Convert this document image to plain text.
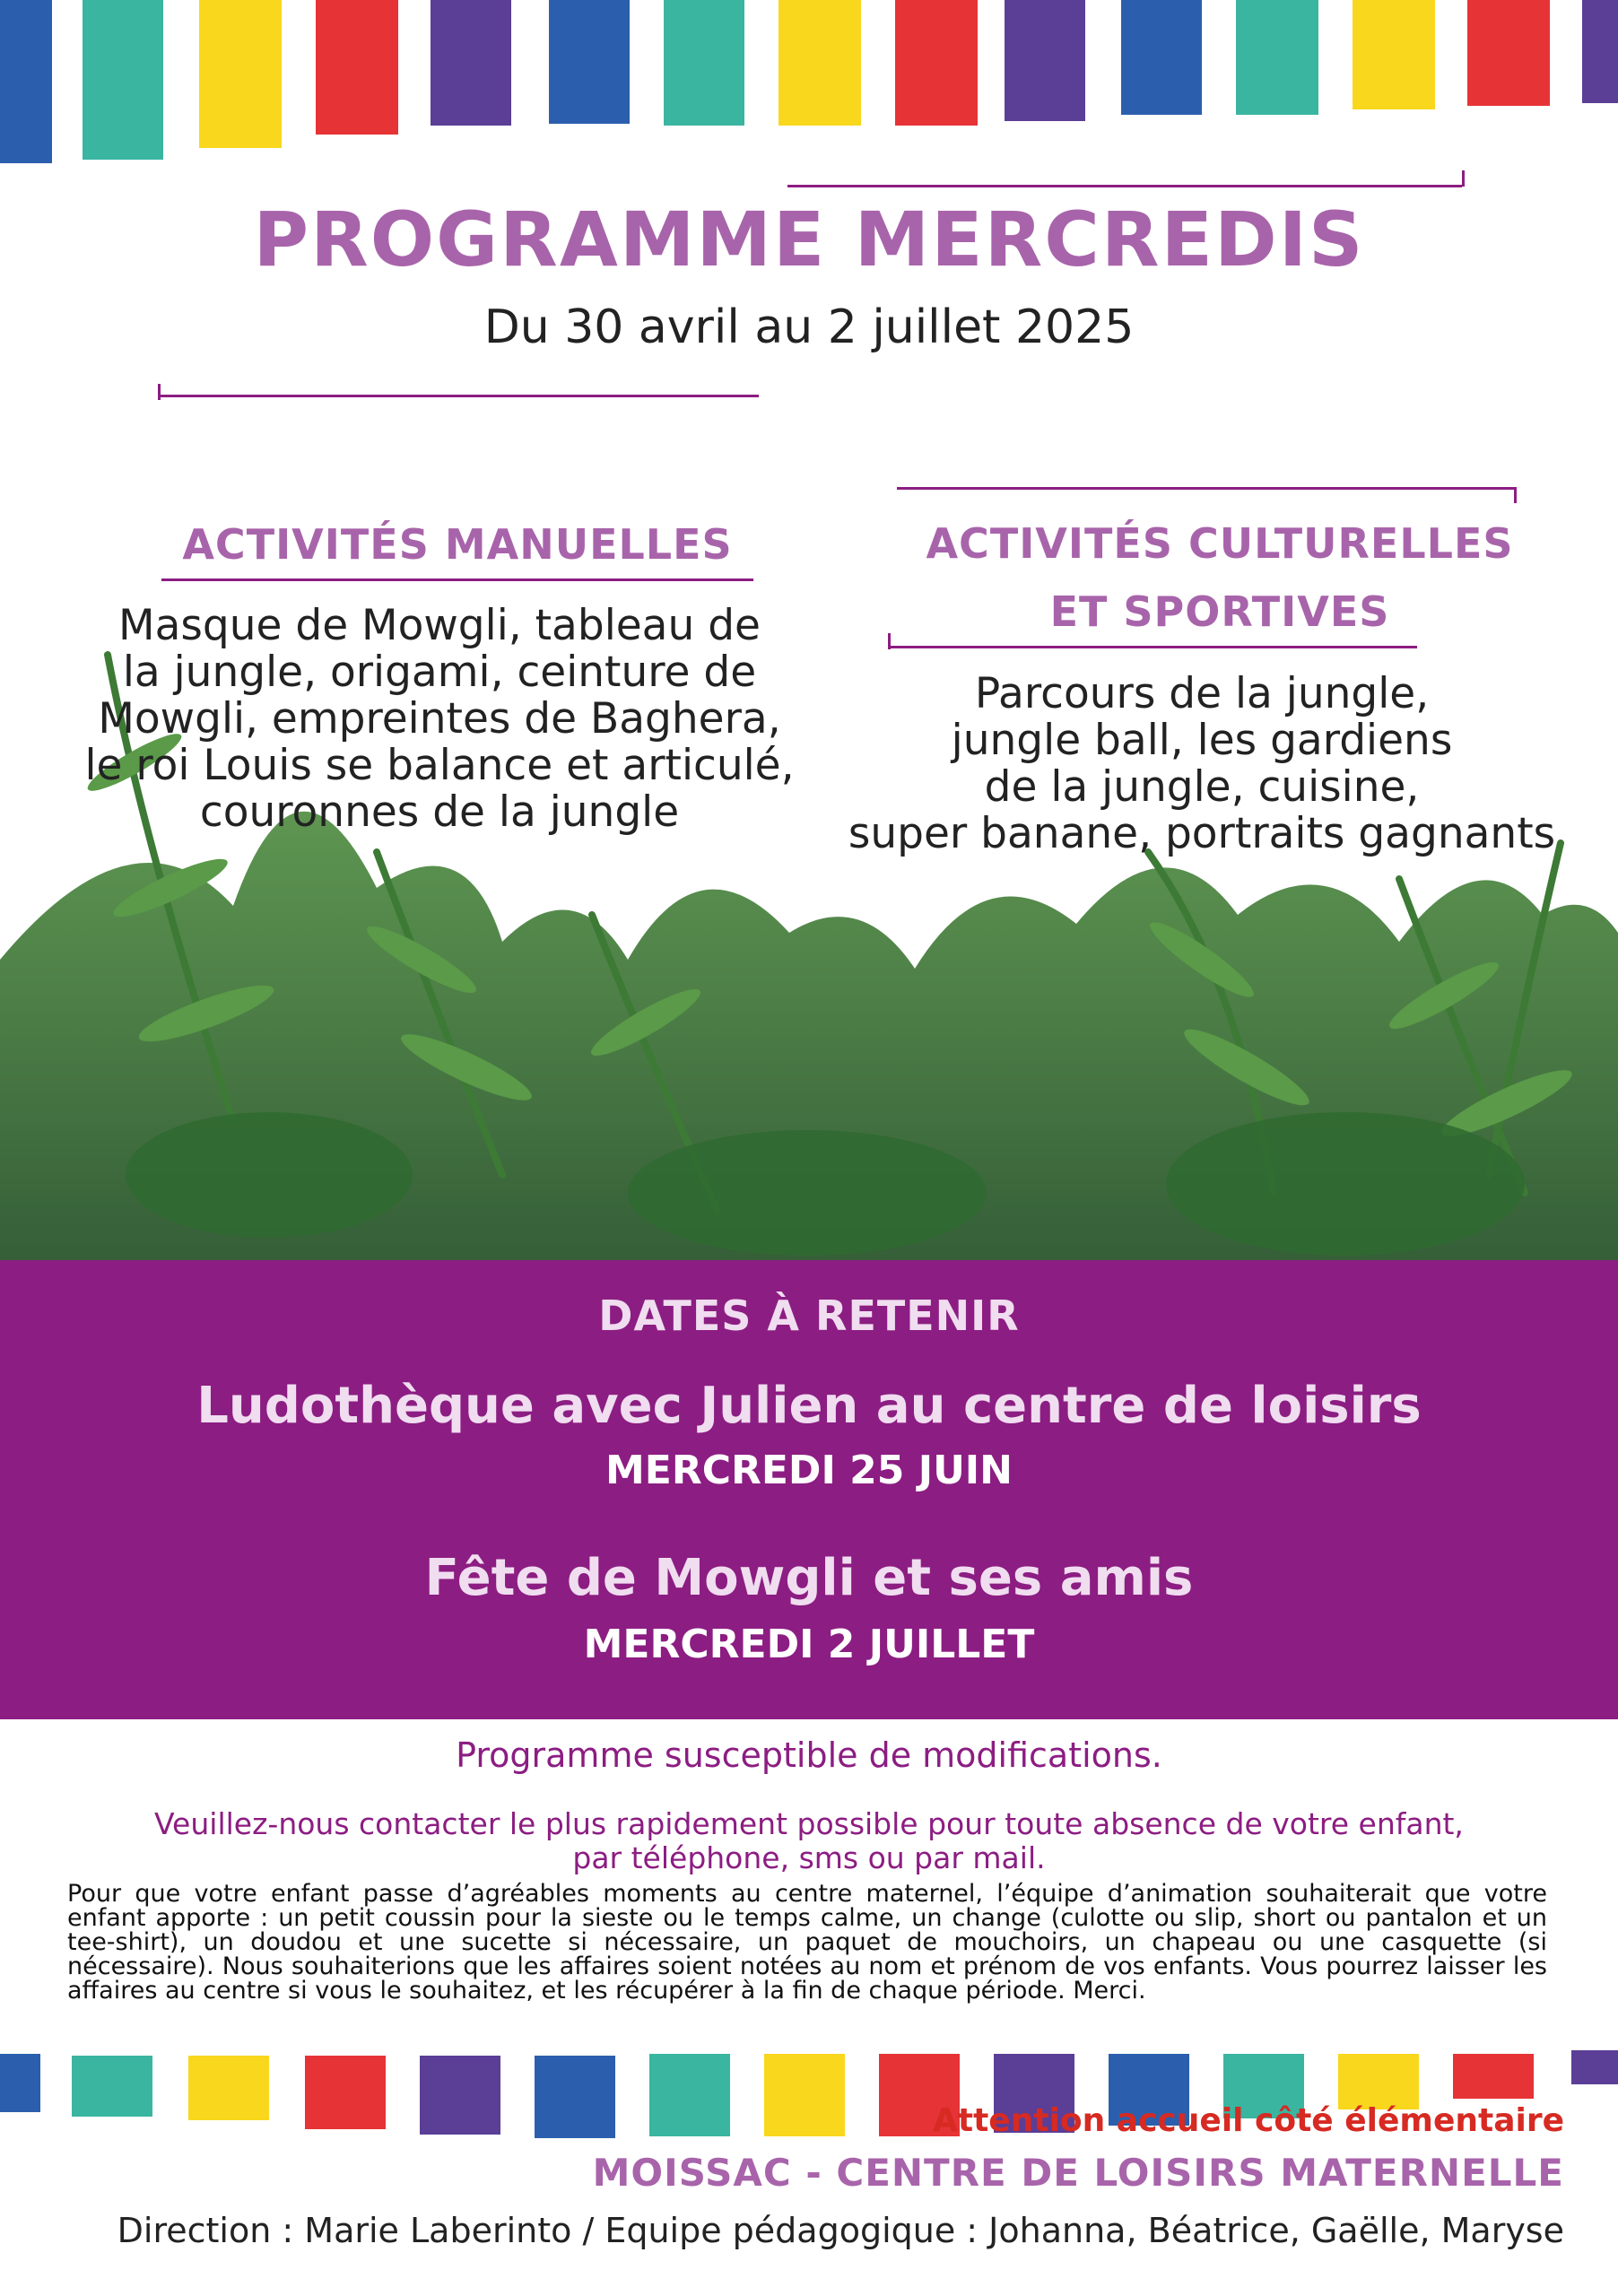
PROGRAMME MERCREDIS
Du 30 avril au 2 juillet 2025
ACTIVITÉS MANUELLES
Masque de Mowgli, tableau de
la jungle, origami, ceinture de
Mowgli, empreintes de Baghera,
le roi Louis se balance et articulé,
couronnes de la jungle
ACTIVITÉS CULTURELLES
ET SPORTIVES
Parcours de la jungle,
jungle ball, les gardiens
de la jungle, cuisine,
super banane, portraits gagnants
DATES À RETENIR
Ludothèque avec Julien au centre de loisirs
MERCREDI 25 JUIN
Fête de Mowgli et ses amis
MERCREDI 2 JUILLET
Programme susceptible de modifications.
Veuillez-nous contacter le plus rapidement possible pour toute absence de votre enfant,
par téléphone, sms ou par mail.
Pour que votre enfant passe d’agréables moments au centre maternel, l’équipe d’animation souhaiterait que votre enfant apporte : un petit coussin pour la sieste ou le temps calme, un change (culotte ou slip, short ou pantalon et un tee-shirt), un doudou et une sucette si nécessaire, un paquet de mouchoirs, un chapeau ou une casquette (si nécessaire). Nous souhaiterions que les affaires soient notées au nom et prénom de vos enfants. Vous pourrez laisser les affaires au centre si vous le souhaitez, et les récupérer à la fin de chaque période. Merci.
Attention accueil côté élémentaire
MOISSAC - CENTRE DE LOISIRS MATERNELLE
Direction : Marie Laberinto / Equipe pédagogique : Johanna, Béatrice, Gaëlle, Maryse
